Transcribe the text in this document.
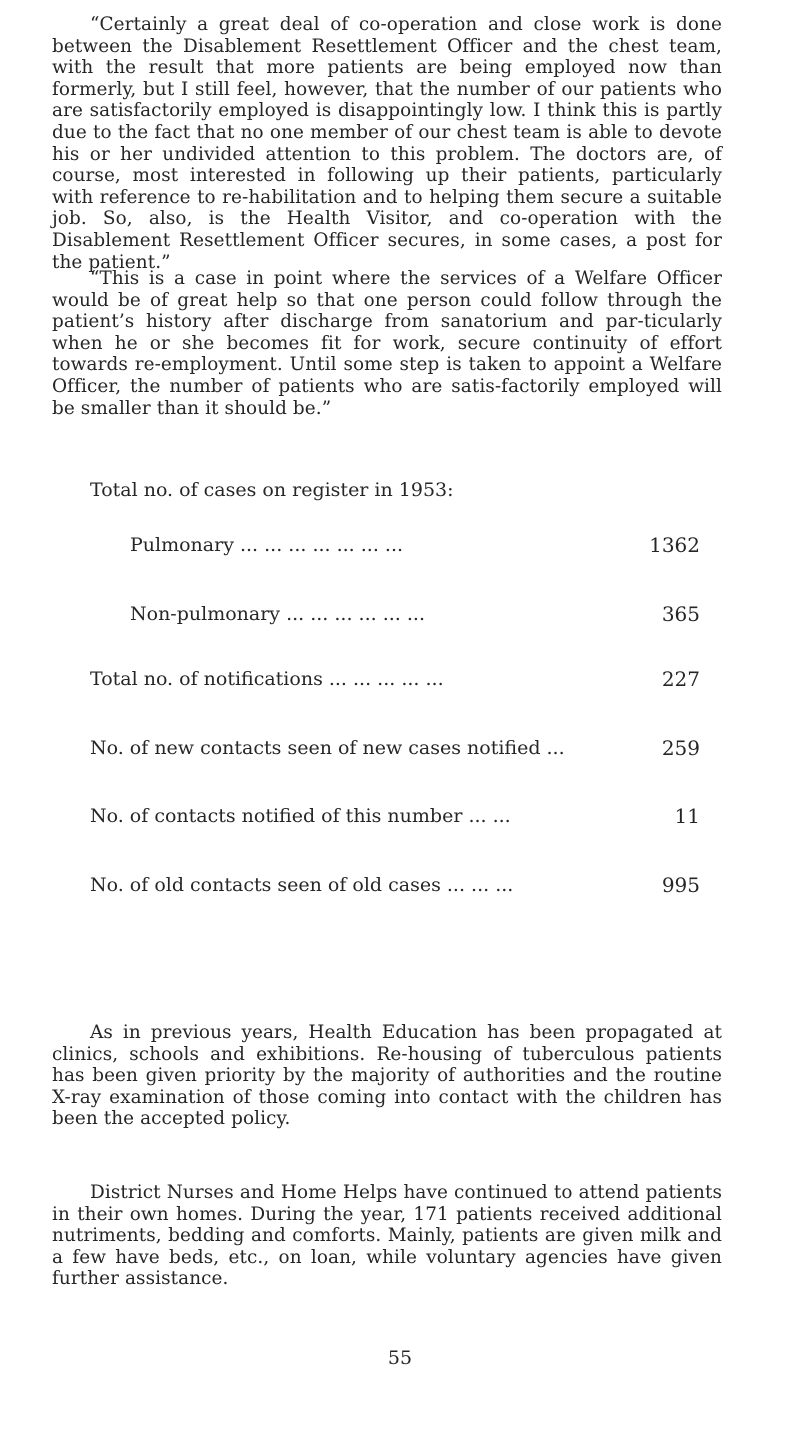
“Certainly a great deal of co-operation and close work is done between the Disablement Resettlement Officer and the chest team, with the result that more patients are being employed now than formerly, but I still feel, however, that the number of our patients who are satisfactorily employed is disappointingly low. I think this is partly due to the fact that no one member of our chest team is able to devote his or her undivided attention to this problem. The doctors are, of course, most interested in following up their patients, particularly with reference to re-habilitation and to helping them secure a suitable job. So, also, is the Health Visitor, and co-operation with the Disablement Resettlement Officer secures, in some cases, a post for the patient.”

“This is a case in point where the services of a Welfare Officer would be of great help so that one person could follow through the patient’s history after discharge from sanatorium and par-ticularly when he or she becomes fit for work, secure continuity of effort towards re-employment. Until some step is taken to appoint a Welfare Officer, the number of patients who are satis-factorily employed will be smaller than it should be.”

Total no. of cases on register in 1953:

Pulmonary ... ... ... ... ... ... ...	1362
Non-pulmonary ... ... ... ... ... ...	365
Total no. of notifications ... ... ... ... ...	227
No. of new contacts seen of new cases notified ...	259
No. of contacts notified of this number ... ...	11
No. of old contacts seen of old cases ... ... ...	995

As in previous years, Health Education has been propagated at clinics, schools and exhibitions. Re-housing of tuberculous patients has been given priority by the majority of authorities and the routine X-ray examination of those coming into contact with the children has been the accepted policy.

District Nurses and Home Helps have continued to attend patients in their own homes. During the year, 171 patients received additional nutriments, bedding and comforts. Mainly, patients are given milk and a few have beds, etc., on loan, while voluntary agencies have given further assistance.

55
